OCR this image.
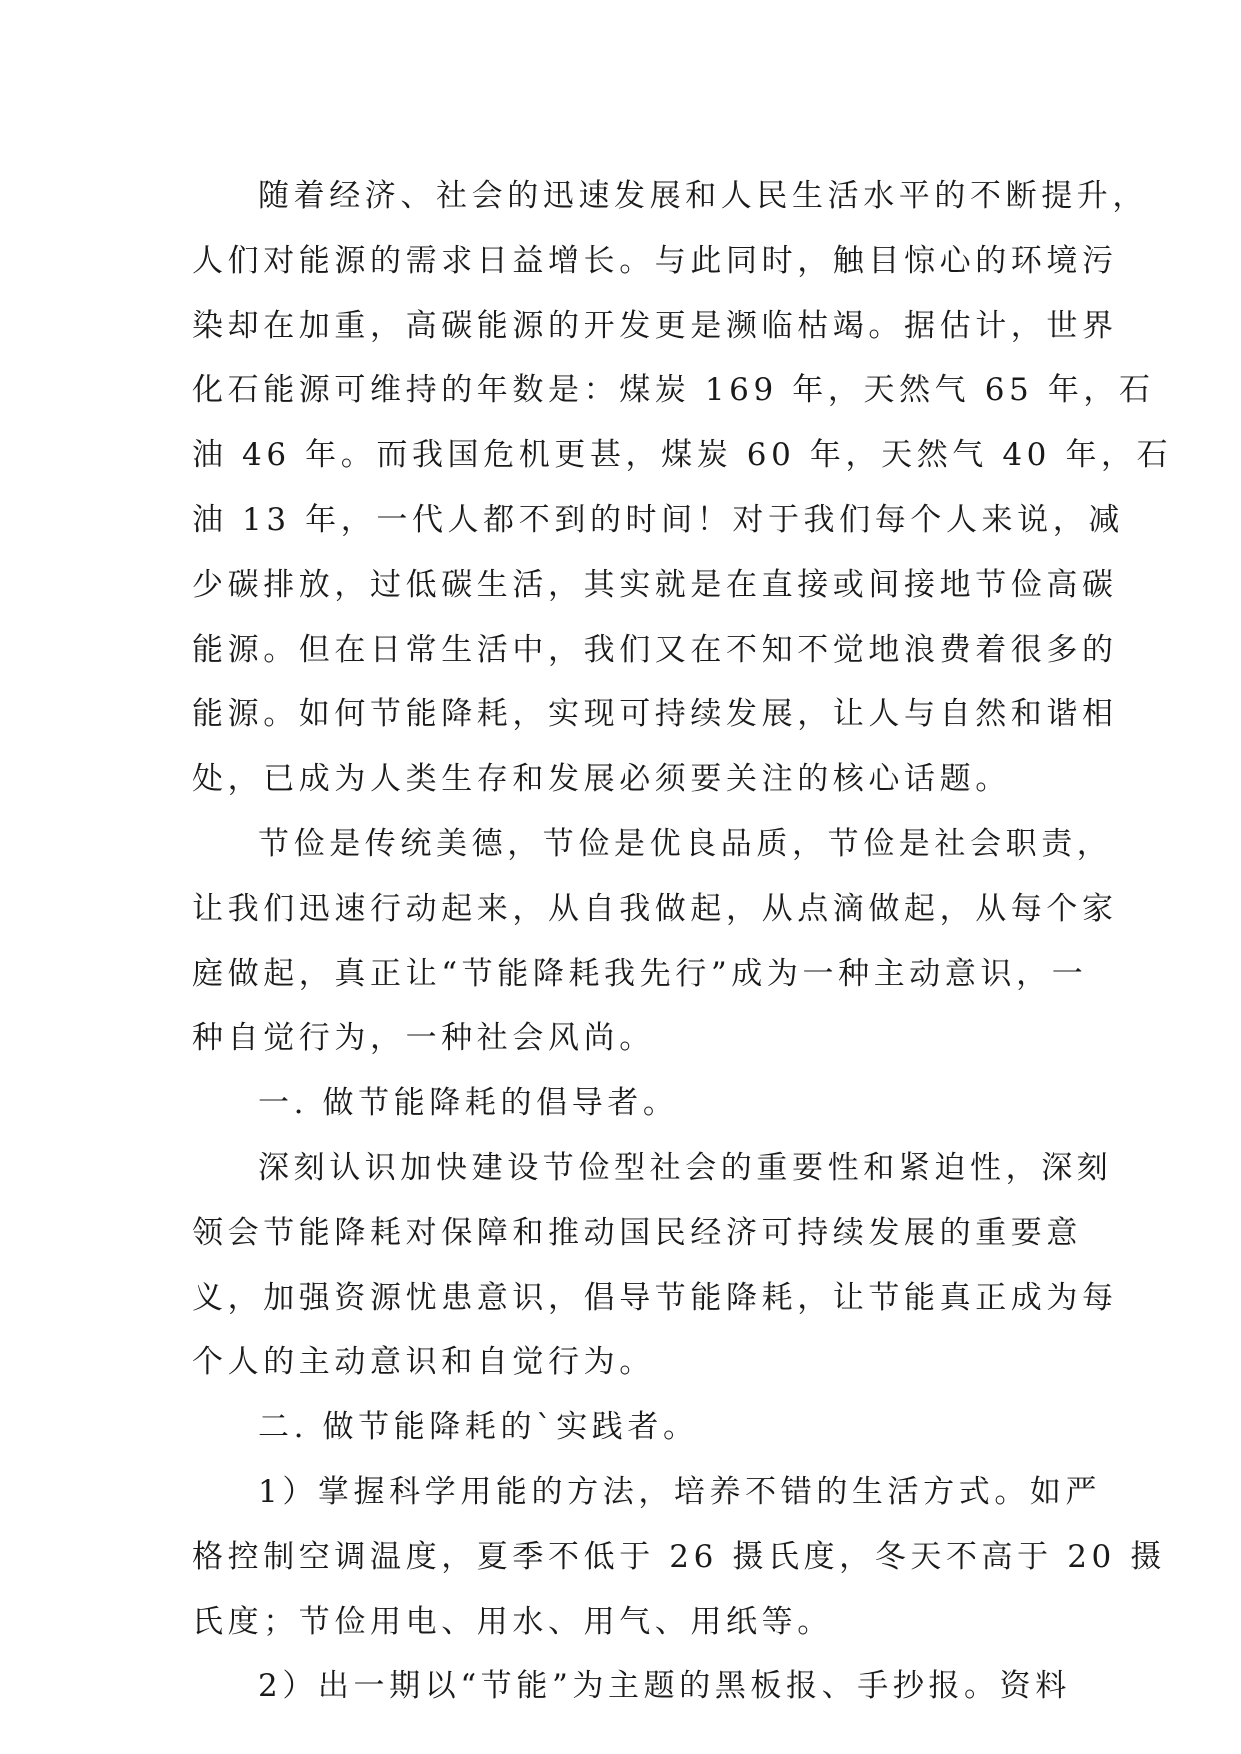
随着经济、社会的迅速发展和人民生活水平的不断提升，
人们对能源的需求日益增长。与此同时，触目惊心的环境污
染却在加重，高碳能源的开发更是濒临枯竭。据估计，世界
化石能源可维持的年数是：煤炭 169 年，天然气 65 年，石
油 46 年。而我国危机更甚，煤炭 60 年，天然气 40 年，石
油 13 年，一代人都不到的时间！对于我们每个人来说，减
少碳排放，过低碳生活，其实就是在直接或间接地节俭高碳
能源。但在日常生活中，我们又在不知不觉地浪费着很多的
能源。如何节能降耗，实现可持续发展，让人与自然和谐相
处，已成为人类生存和发展必须要关注的核心话题。
节俭是传统美德，节俭是优良品质，节俭是社会职责，
让我们迅速行动起来，从自我做起，从点滴做起，从每个家
庭做起，真正让“节能降耗我先行”成为一种主动意识，一
种自觉行为，一种社会风尚。
一. 做节能降耗的倡导者。
深刻认识加快建设节俭型社会的重要性和紧迫性，深刻
领会节能降耗对保障和推动国民经济可持续发展的重要意
义，加强资源忧患意识，倡导节能降耗，让节能真正成为每
个人的主动意识和自觉行为。
二. 做节能降耗的`实践者。
1）掌握科学用能的方法，培养不错的生活方式。如严
格控制空调温度，夏季不低于 26 摄氏度，冬天不高于 20 摄
氏度；节俭用电、用水、用气、用纸等。
2）出一期以“节能”为主题的黑板报、手抄报。资料
